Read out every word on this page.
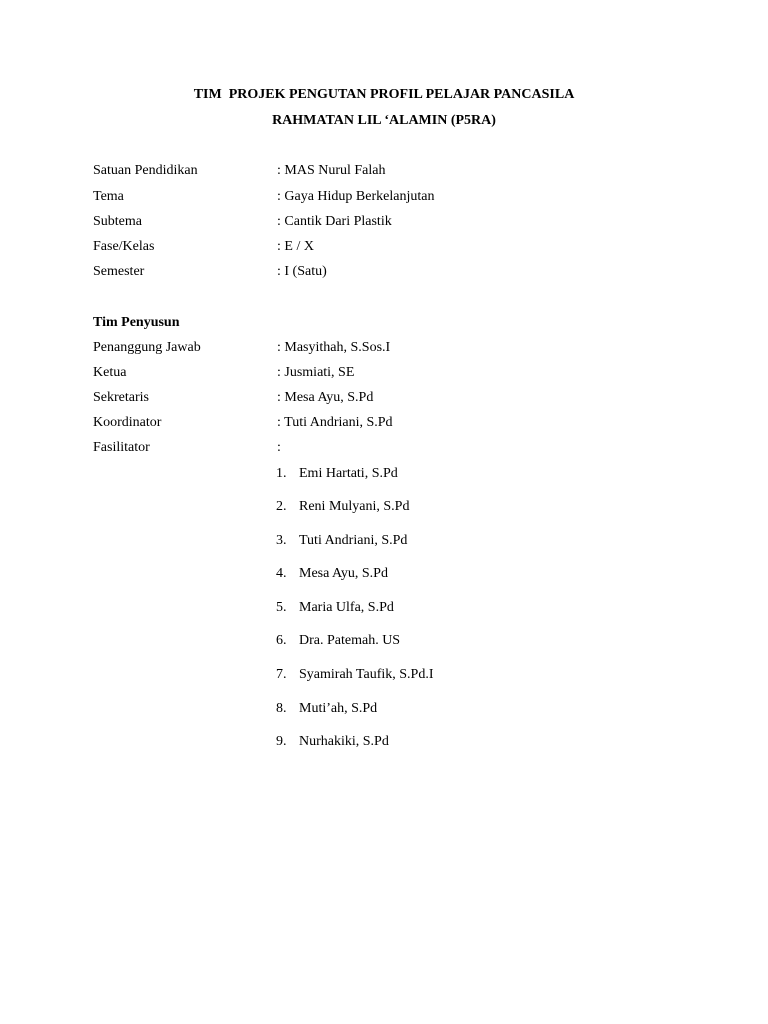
TIM  PROJEK PENGUTAN PROFIL PELAJAR PANCASILA
RAHMATAN LIL ‘ALAMIN (P5RA)
Satuan Pendidikan	: MAS Nurul Falah
Tema	: Gaya Hidup Berkelanjutan
Subtema	: Cantik Dari Plastik
Fase/Kelas	: E / X
Semester	: I (Satu)
Tim Penyusun
Penanggung Jawab	: Masyithah, S.Sos.I
Ketua	: Jusmiati, SE
Sekretaris	: Mesa Ayu, S.Pd
Koordinator	: Tuti Andriani, S.Pd
Fasilitator	:
1. Emi Hartati, S.Pd
2. Reni Mulyani, S.Pd
3. Tuti Andriani, S.Pd
4. Mesa Ayu, S.Pd
5. Maria Ulfa, S.Pd
6. Dra. Patemah. US
7. Syamirah Taufik, S.Pd.I
8. Muti’ah, S.Pd
9. Nurhakiki, S.Pd
